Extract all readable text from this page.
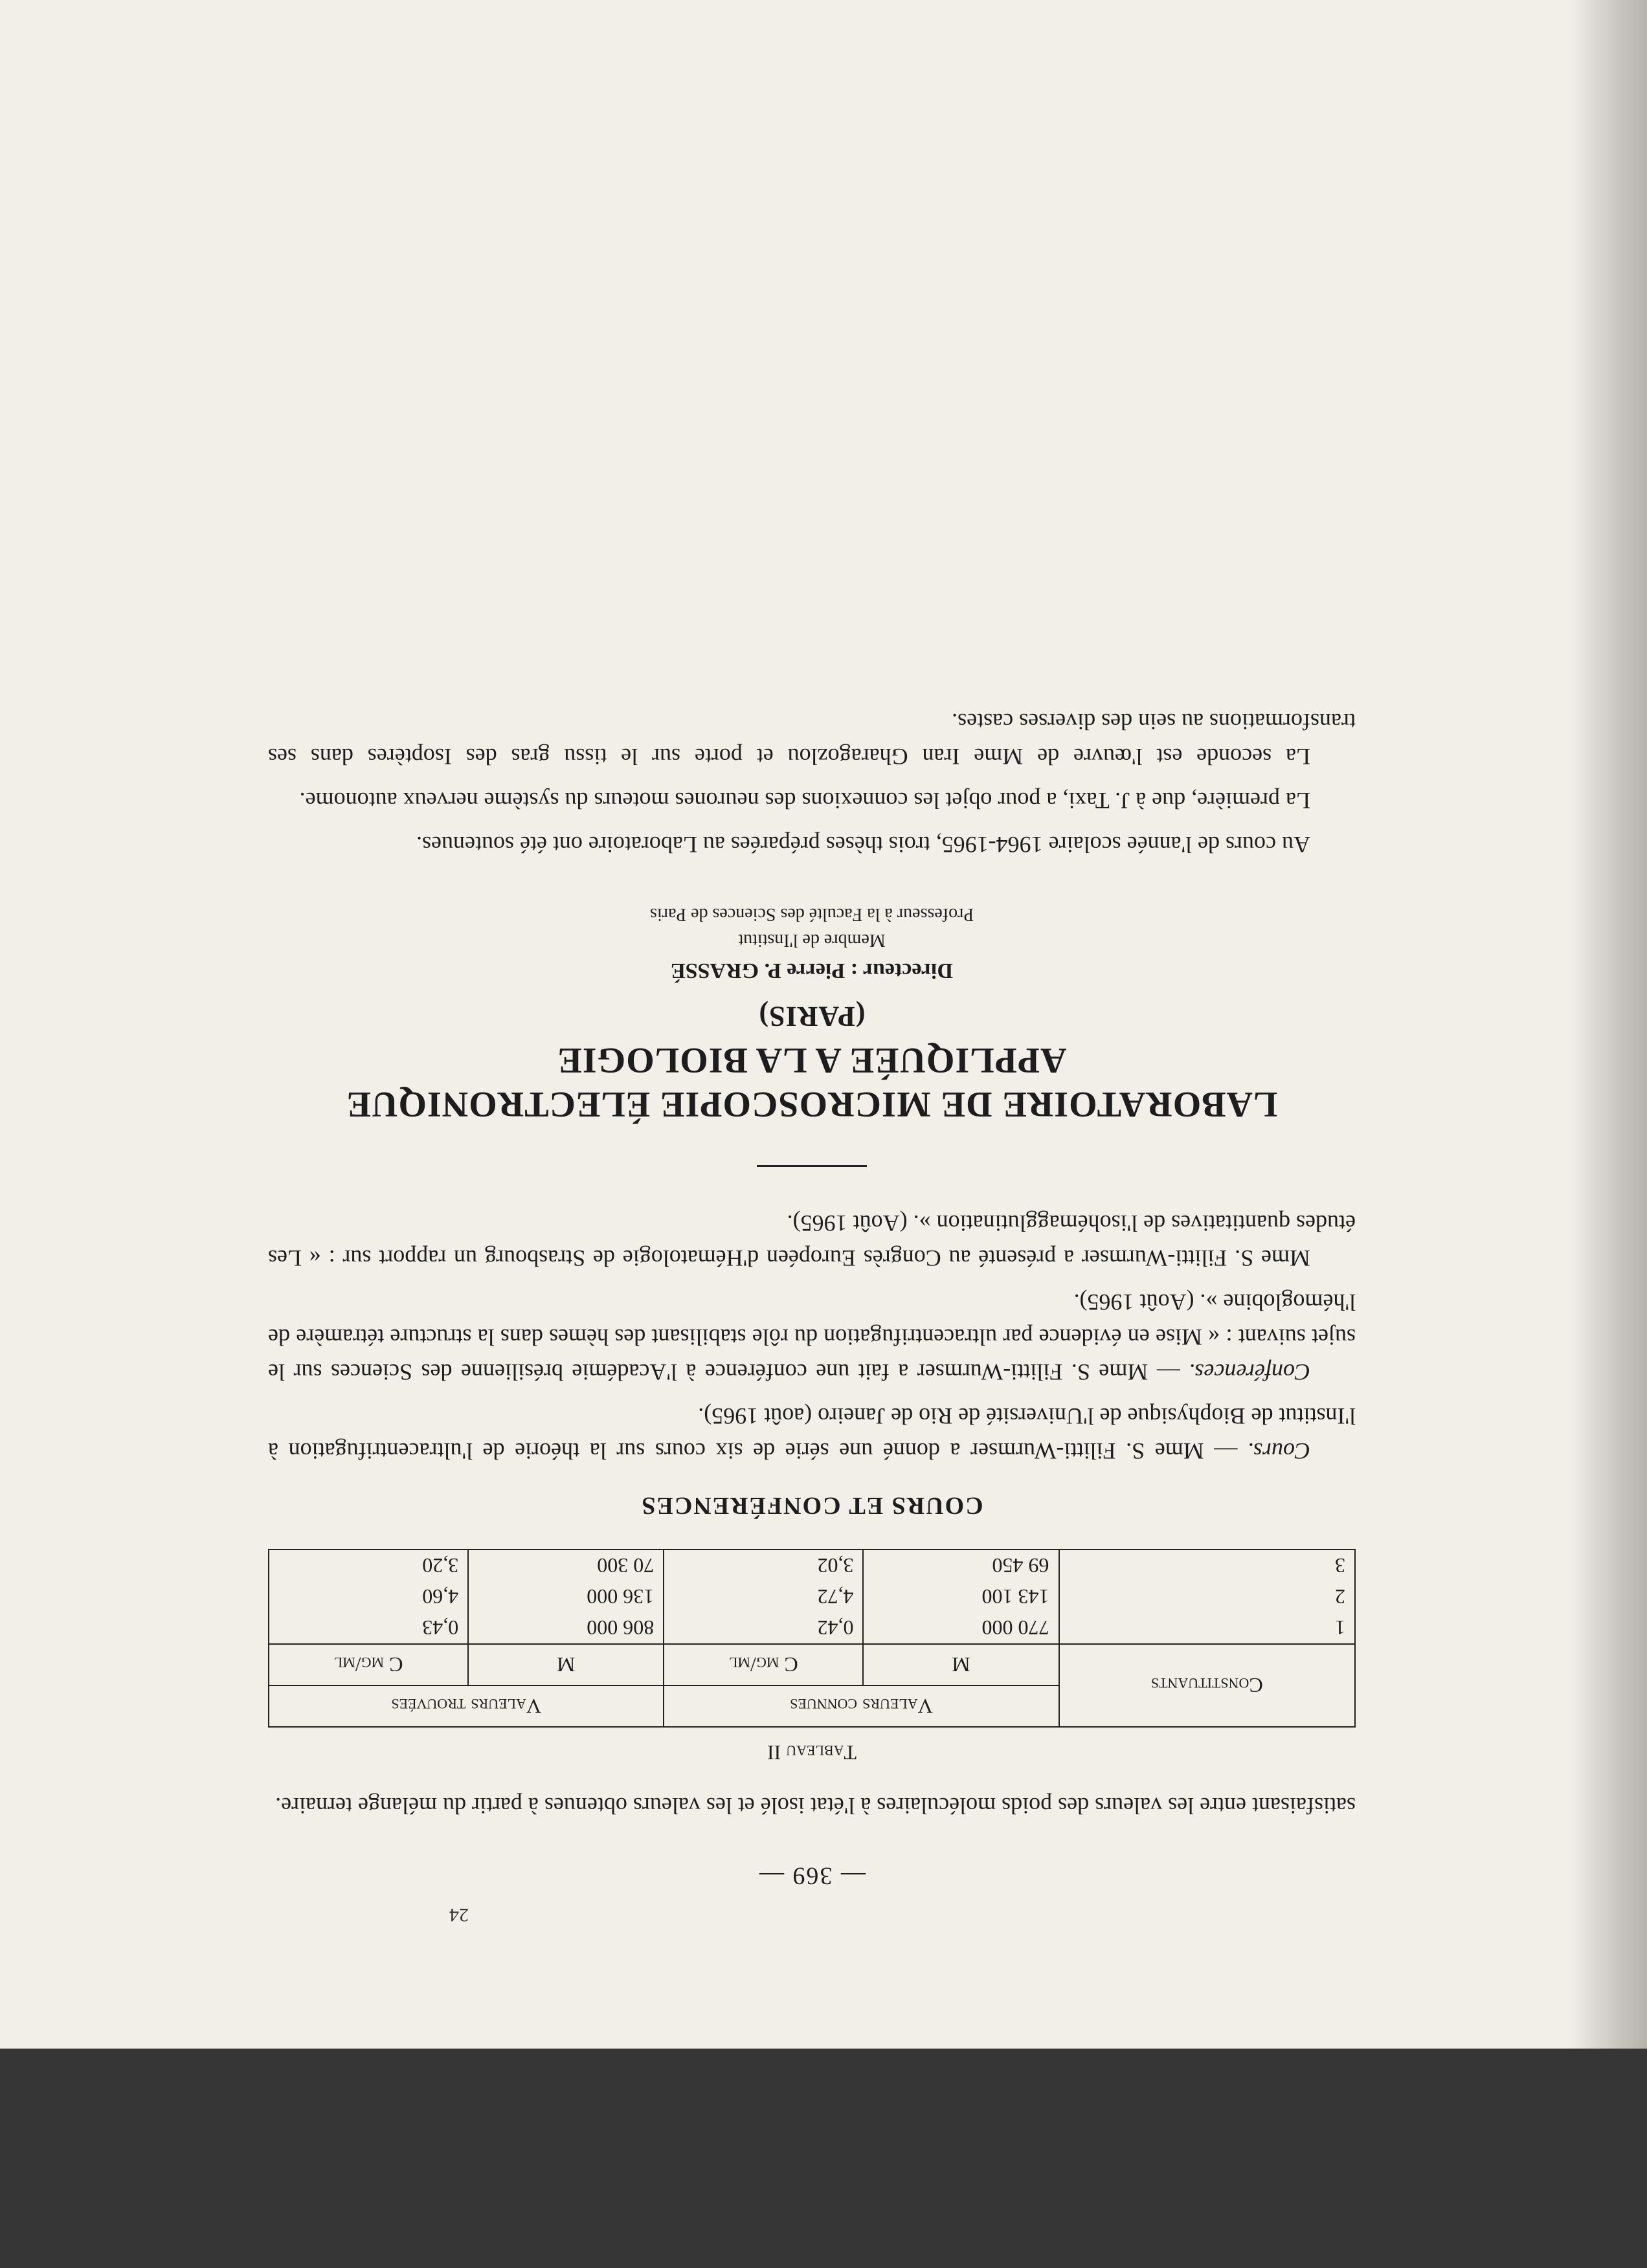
24

— 369 —

satisfaisant entre les valeurs des poids moléculaires à l'état isolé et les valeurs obtenues à partir du mélange ternaire.

Tableau II

Constituants	Valeurs connues		Valeurs trouvées	
	M	C mg/ml	M	C mg/ml
1	770 000	0,42	806 000	0,43
2	143 100	4,72	136 000	4,60
3	69 450	3,02	70 300	3,20

COURS ET CONFÉRENCES

Cours. — Mme S. Filitti-Wurmser a donné une série de six cours sur la théorie de l'ultracentrifugation à l'Institut de Biophysique de l'Université de Rio de Janeiro (août 1965).

Conférences. — Mme S. Filitti-Wurmser a fait une conférence à l'Académie brésilienne des Sciences sur le sujet suivant : « Mise en évidence par ultracentrifugation du rôle stabilisant des hèmes dans la structure tétramère de l'hémoglobine ». (Août 1965).

Mme S. Filitti-Wurmser a présenté au Congrès Européen d'Hématologie de Strasbourg un rapport sur : « Les études quantitatives de l'isohémagglutination ». (Août 1965).

LABORATOIRE DE MICROSCOPIE ÉLECTRONIQUE

APPLIQUÉE A LA BIOLOGIE

(PARIS)

Directeur : Pierre P. GRASSÉ

Membre de l'Institut

Professeur à la Faculté des Sciences de Paris

Au cours de l'année scolaire 1964-1965, trois thèses préparées au Laboratoire ont été soutenues.

La première, due à J. Taxi, a pour objet les connexions des neurones moteurs du système nerveux autonome.

La seconde est l'œuvre de Mme Iran Gharagozlou et porte sur le tissu gras des Isoptères dans ses transformations au sein des diverses castes.
